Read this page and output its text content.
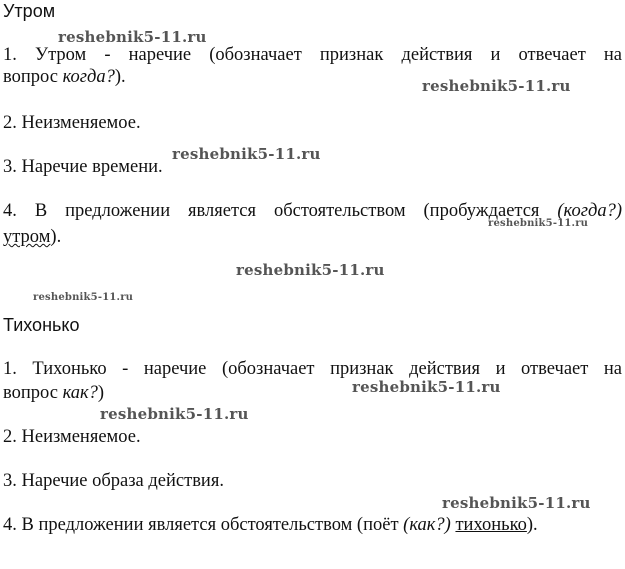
Утром

1. Утром - наречие (обозначает признак действия и отвечает на

вопрос когда?).

2. Неизменяемое.

3. Наречие времени.

4. В предложении является обстоятельством (пробуждается (когда?)

утром).

Тихонько

1. Тихонько - наречие (обозначает признак действия и отвечает на

вопрос как?)

2. Неизменяемое.

3. Наречие образа действия.

4. В предложении является обстоятельством (поёт (как?) тихонько).

reshebnik5-11.ru
reshebnik5-11.ru
reshebnik5-11.ru
reshebnik5-11.ru
reshebnik5-11.ru
reshebnik5-11.ru
reshebnik5-11.ru
reshebnik5-11.ru
reshebnik5-11.ru
